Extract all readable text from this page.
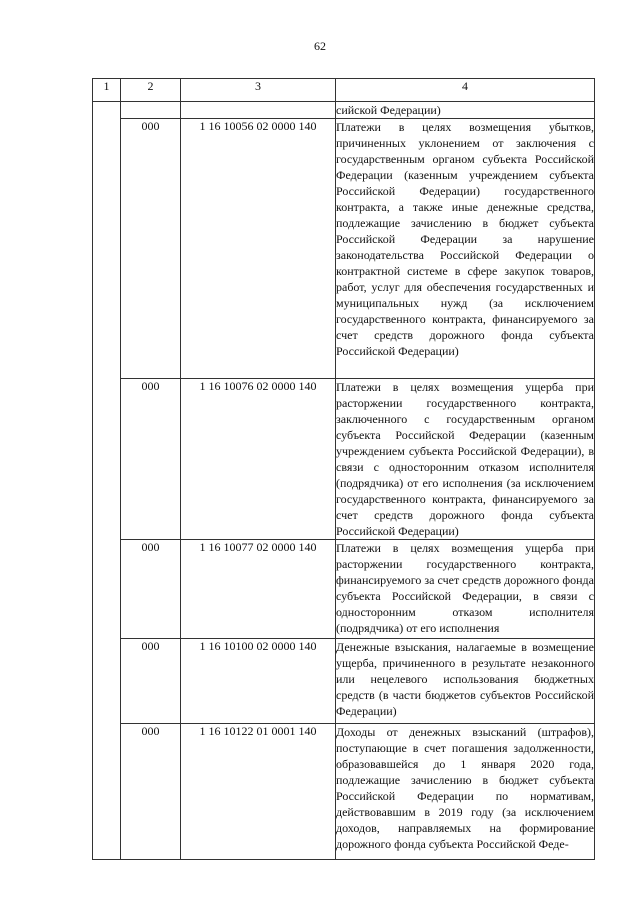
62
1	2	3	4
			сийской Федерации)
	000	1 16 10056 02 0000 140	Платежи в целях возмещения убытков, причиненных уклонением от заключения с государственным органом субъекта Российской Федерации (казенным учреждением субъекта Российской Федерации) государственного контракта, а также иные денежные средства, подлежащие зачислению в бюджет субъекта Российской Федерации за нарушение законодательства Российской Федерации о контрактной системе в сфере закупок товаров, работ, услуг для обеспечения государственных и муниципальных нужд (за исключением государственного контракта, финансируемого за счет средств дорожного фонда субъекта Российской Федерации)
	000	1 16 10076 02 0000 140	Платежи в целях возмещения ущерба при расторжении государственного контракта, заключенного с государственным органом субъекта Российской Федерации (казенным учреждением субъекта Российской Федерации), в связи с односторонним отказом исполнителя (подрядчика) от его исполнения (за исключением государственного контракта, финансируемого за счет средств дорожного фонда субъекта Российской Федерации)
	000	1 16 10077 02 0000 140	Платежи в целях возмещения ущерба при расторжении государственного контракта, финансируемого за счет средств дорожного фонда субъекта Российской Федерации, в связи с односторонним отказом исполнителя (подрядчика) от его исполнения
	000	1 16 10100 02 0000 140	Денежные взыскания, налагаемые в возмещение ущерба, причиненного в результате незаконного или нецелевого использования бюджетных средств (в части бюджетов субъектов Российской Федерации)
	000	1 16 10122 01 0001 140	Доходы от денежных взысканий (штрафов), поступающие в счет погашения задолженности, образовавшейся до 1 января 2020 года, подлежащие зачислению в бюджет субъекта Российской Федерации по нормативам, действовавшим в 2019 году (за исключением доходов, направляемых на формирование дорожного фонда субъекта Российской Феде-
